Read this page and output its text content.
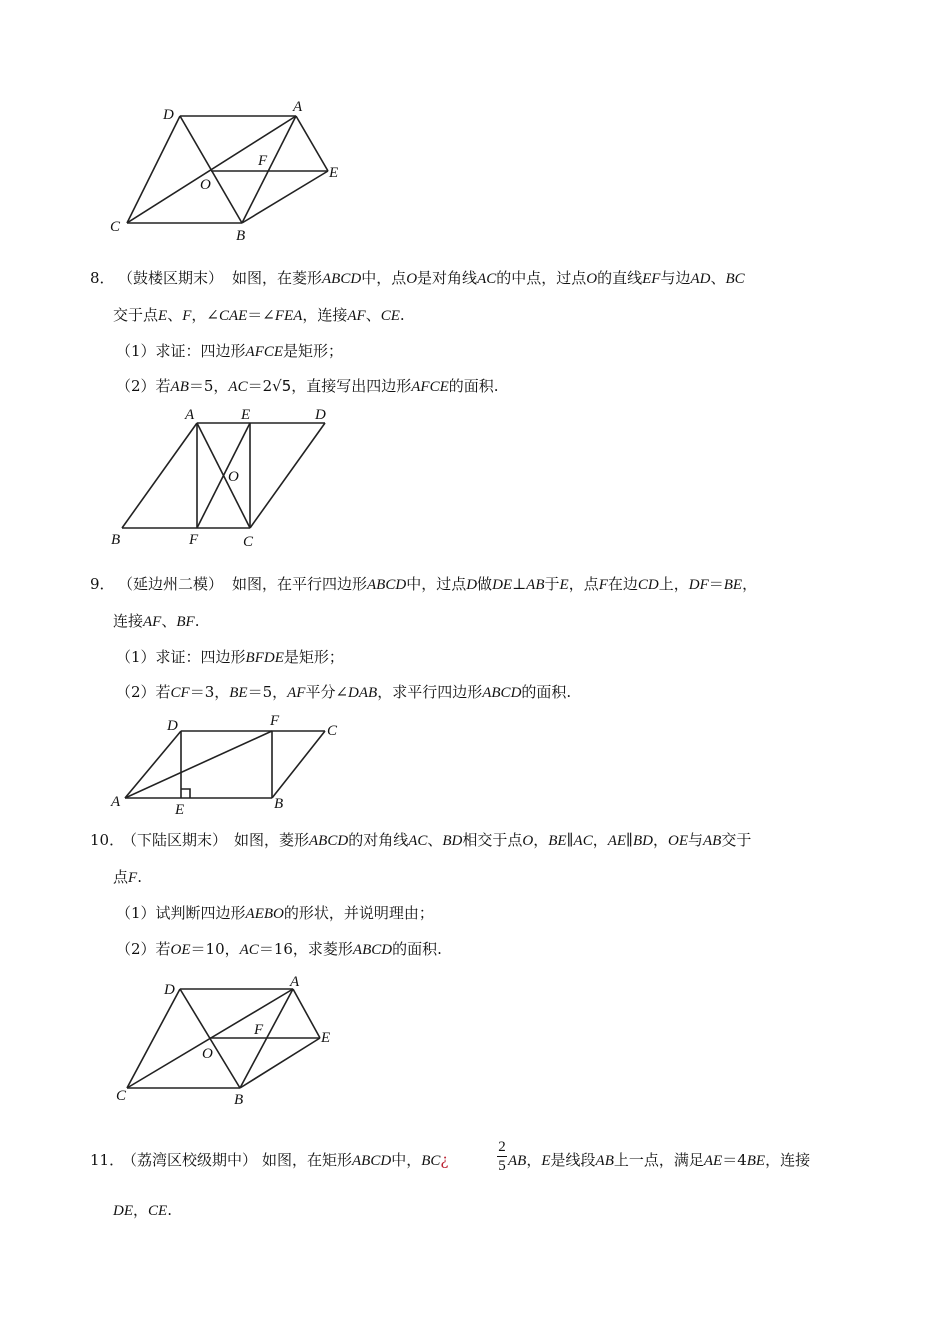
D	A
F
O
E
C
B
8． （鼓楼区期末） 如图，在菱形ABCD中，点O是对角线AC的中点，过点O的直线EF与边AD、BC
交于点E、F，∠CAE＝∠FEA，连接AF、CE.
（1）求证：四边形AFCE是矩形；
（2）若AB＝5，AC＝2√5，直接写出四边形AFCE的面积.
A	E	D
O
B	F	C
9． （延边州二模） 如图，在平行四边形ABCD中，过点D做DE⊥AB于E，点F在边CD上，DF＝BE，
连接AF、BF.
（1）求证：四边形BFDE是矩形；
（2）若CF＝3，BE＝5，AF平分∠DAB，求平行四边形ABCD的面积.
D	F
C
A	E	B
10．
（下陆区期末） 如图，菱形ABCD的对角线AC、BD相交于点O，BE∥AC，AE∥BD，OE与AB交于
点F.
（1）试判断四边形AEBO的形状，并说明理由；
（2）若OE＝10，AC＝16，求菱形ABCD的面积.
D	A
F
O
E
C	B
11．
（荔湾区校级期中） 如图，在矩形ABCD中，BC¿
2
5 AB，E是线段AB上一点，满足AE＝4BE，连接
DE，CE.
